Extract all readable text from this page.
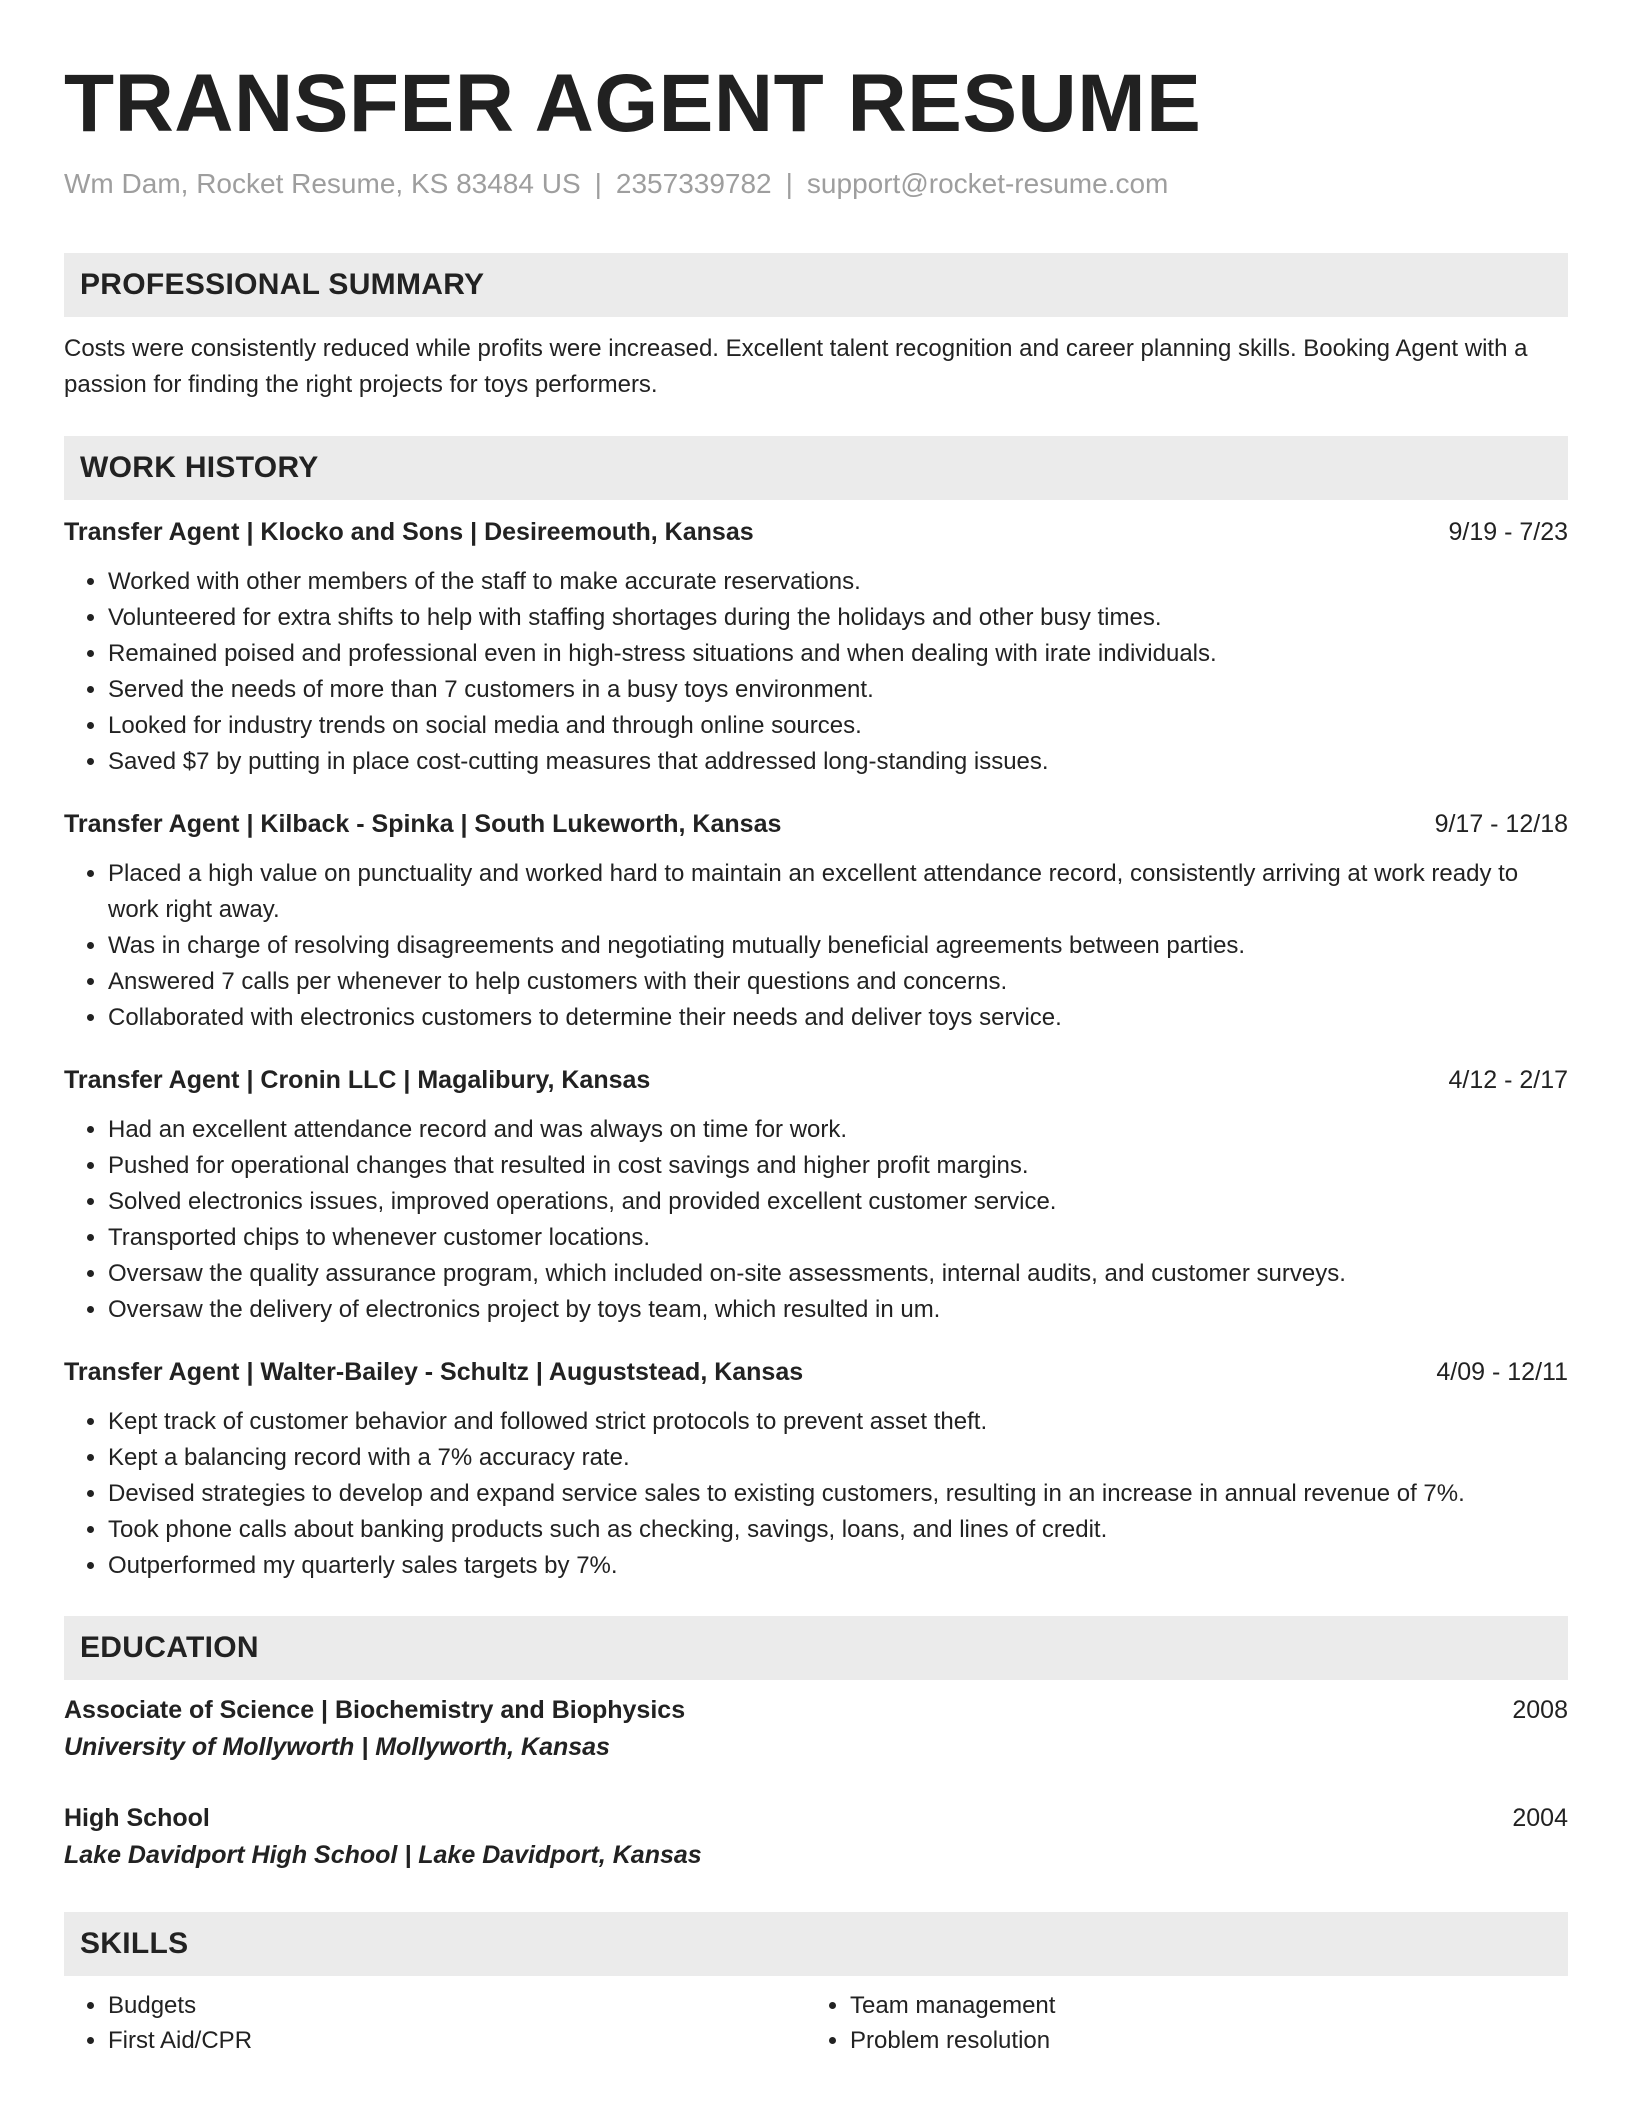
TRANSFER AGENT RESUME
Wm Dam, Rocket Resume, KS 83484 US | 2357339782 | support@rocket-resume.com
PROFESSIONAL SUMMARY
Costs were consistently reduced while profits were increased. Excellent talent recognition and career planning skills. Booking Agent with a passion for finding the right projects for toys performers.
WORK HISTORY
Transfer Agent | Klocko and Sons | Desireemouth, Kansas	9/19 - 7/23
• Worked with other members of the staff to make accurate reservations.
• Volunteered for extra shifts to help with staffing shortages during the holidays and other busy times.
• Remained poised and professional even in high-stress situations and when dealing with irate individuals.
• Served the needs of more than 7 customers in a busy toys environment.
• Looked for industry trends on social media and through online sources.
• Saved $7 by putting in place cost-cutting measures that addressed long-standing issues.
Transfer Agent | Kilback - Spinka | South Lukeworth, Kansas	9/17 - 12/18
• Placed a high value on punctuality and worked hard to maintain an excellent attendance record, consistently arriving at work ready to work right away.
• Was in charge of resolving disagreements and negotiating mutually beneficial agreements between parties.
• Answered 7 calls per whenever to help customers with their questions and concerns.
• Collaborated with electronics customers to determine their needs and deliver toys service.
Transfer Agent | Cronin LLC | Magalibury, Kansas	4/12 - 2/17
• Had an excellent attendance record and was always on time for work.
• Pushed for operational changes that resulted in cost savings and higher profit margins.
• Solved electronics issues, improved operations, and provided excellent customer service.
• Transported chips to whenever customer locations.
• Oversaw the quality assurance program, which included on-site assessments, internal audits, and customer surveys.
• Oversaw the delivery of electronics project by toys team, which resulted in um.
Transfer Agent | Walter-Bailey - Schultz | Auguststead, Kansas	4/09 - 12/11
• Kept track of customer behavior and followed strict protocols to prevent asset theft.
• Kept a balancing record with a 7% accuracy rate.
• Devised strategies to develop and expand service sales to existing customers, resulting in an increase in annual revenue of 7%.
• Took phone calls about banking products such as checking, savings, loans, and lines of credit.
• Outperformed my quarterly sales targets by 7%.
EDUCATION
Associate of Science | Biochemistry and Biophysics	2008
University of Mollyworth | Mollyworth, Kansas
High School	2004
Lake Davidport High School | Lake Davidport, Kansas
SKILLS
• Budgets
• First Aid/CPR
• Team management
• Problem resolution
